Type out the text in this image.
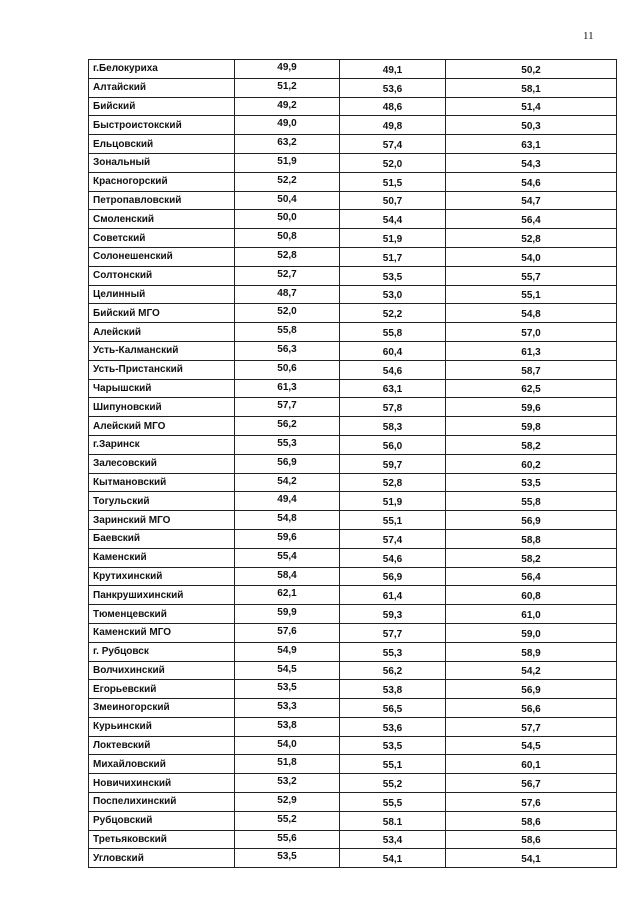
11
г.Белокуриха	49,9	49,1	50,2
Алтайский	51,2	53,6	58,1
Бийский	49,2	48,6	51,4
Быстроистокский	49,0	49,8	50,3
Ельцовский	63,2	57,4	63,1
Зональный	51,9	52,0	54,3
Красногорский	52,2	51,5	54,6
Петропавловский	50,4	50,7	54,7
Смоленский	50,0	54,4	56,4
Советский	50,8	51,9	52,8
Солонешенский	52,8	51,7	54,0
Солтонский	52,7	53,5	55,7
Целинный	48,7	53,0	55,1
Бийский МГО	52,0	52,2	54,8
Алейский	55,8	55,8	57,0
Усть-Калманский	56,3	60,4	61,3
Усть-Пристанский	50,6	54,6	58,7
Чарышский	61,3	63,1	62,5
Шипуновский	57,7	57,8	59,6
Алейский МГО	56,2	58,3	59,8
г.Заринск	55,3	56,0	58,2
Залесовский	56,9	59,7	60,2
Кытмановский	54,2	52,8	53,5
Тогульский	49,4	51,9	55,8
Заринский МГО	54,8	55,1	56,9
Баевский	59,6	57,4	58,8
Каменский	55,4	54,6	58,2
Крутихинский	58,4	56,9	56,4
Панкрушихинский	62,1	61,4	60,8
Тюменцевский	59,9	59,3	61,0
Каменский МГО	57,6	57,7	59,0
г. Рубцовск	54,9	55,3	58,9
Волчихинский	54,5	56,2	54,2
Егорьевский	53,5	53,8	56,9
Змеиногорский	53,3	56,5	56,6
Курьинский	53,8	53,6	57,7
Локтевский	54,0	53,5	54,5
Михайловский	51,8	55,1	60,1
Новичихинский	53,2	55,2	56,7
Поспелихинский	52,9	55,5	57,6
Рубцовский	55,2	58.1	58,6
Третьяковский	55,6	53,4	58,6
Угловский	53,5	54,1	54,1
